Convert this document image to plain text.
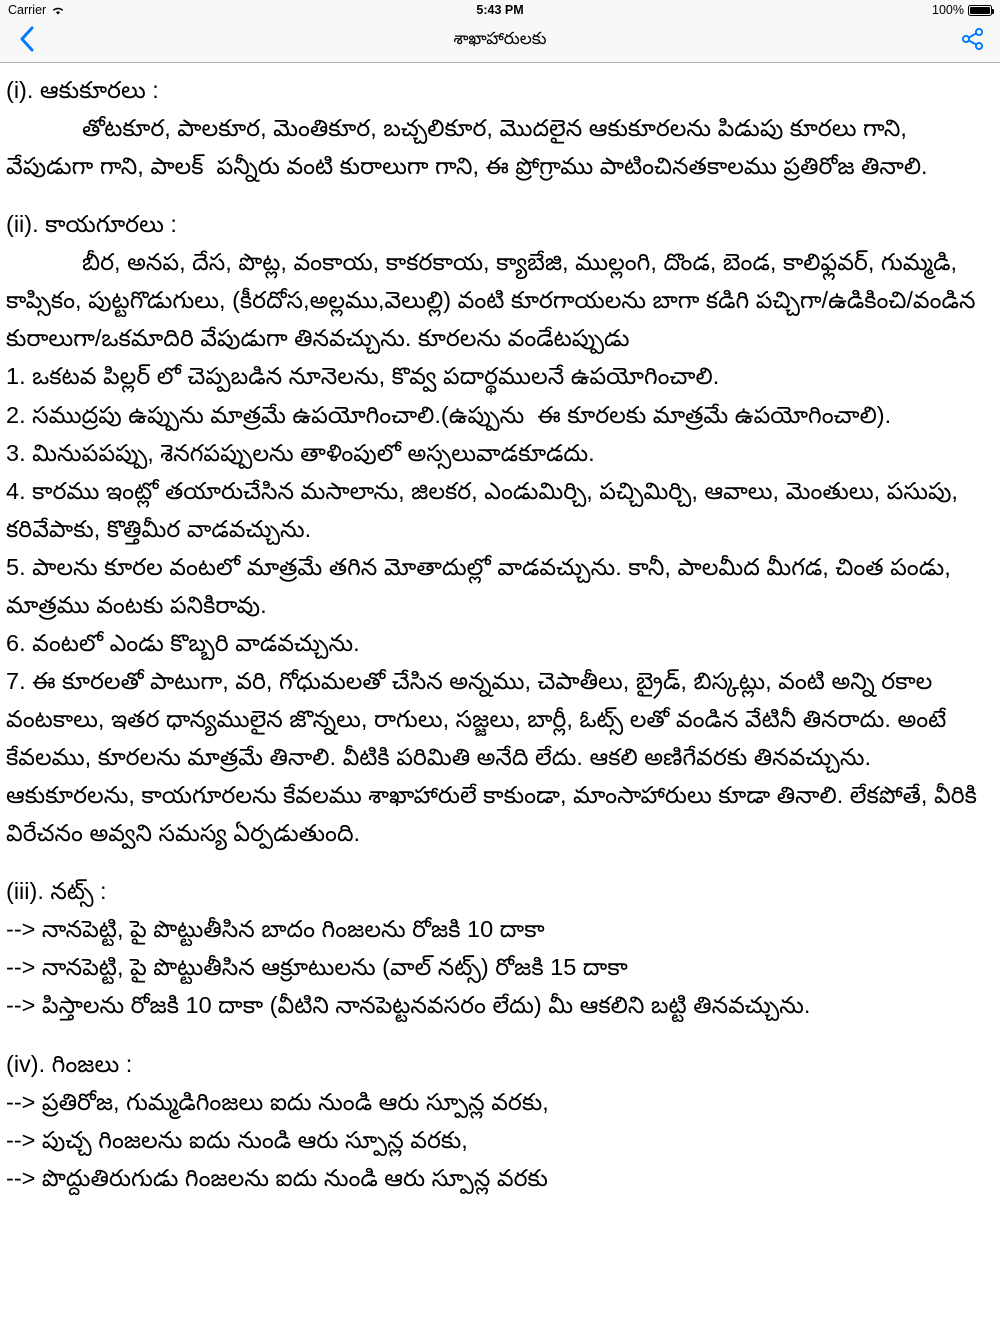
Carrier	5:43 PM	100%
శాఖాహారులకు
(i). ఆకుకూరలు :
తోటకూర, పాలకూర, మెంతికూర, బచ్చలికూర, మొదలైన ఆకుకూరలను పిడుపు కూరలు గాని, వేపుడుగా గాని, పాలక్  పన్నీరు వంటి కురాలుగా గాని, ఈ ప్రోగ్రాము పాటించినతకాలము ప్రతిరోజ తినాలి.
(ii). కాయగూరలు :
బీర, అనప, దేస, పొట్ల, వంకాయ, కాకరకాయ, క్యాబేజి, ముల్లంగి, దొండ, బెండ, కాలిఫ్లవర్, గుమ్మడి, కాప్సికం, పుట్టగొడుగులు, (కీరదోస,అల్లము,వెలుల్లి) వంటి కూరగాయలను బాగా కడిగి పచ్చిగా/ఉడికించి/వండిన కురాలుగా/ఒకమాదిరి వేపుడుగా తినవచ్చును. కూరలను వండేటప్పుడు
1. ఒకటవ పిల్లర్ లో చెప్పబడిన నూనెలను, కొవ్వ పదార్థములనే ఉపయోగించాలి.
2. సముద్రపు ఉప్పును మాత్రమే ఉపయోగించాలి.(ఉప్పును  ఈ కూరలకు మాత్రమే ఉపయోగించాలి).
3. మినుపపప్పు, శెనగపప్పులను తాళింపులో అస్సలువాడకూడదు.
4. కారము ఇంట్లో తయారుచేసిన మసాలాను, జిలకర, ఎండుమిర్చి, పచ్చిమిర్చి, ఆవాలు, మెంతులు, పసుపు, కరివేపాకు, కొత్తిమీర వాడవచ్చును.
5. పాలను కూరల వంటలో మాత్రమే తగిన మోతాదుల్లో వాడవచ్చును. కానీ, పాలమీద మీగడ, చింత పండు, మాత్రము వంటకు పనికిరావు.
6. వంటలో ఎండు కొబ్బరి వాడవచ్చును.
7. ఈ కూరలతో పాటుగా, వరి, గోధుమలతో చేసిన అన్నము, చెపాతీలు, బ్రైడ్, బిస్కట్లు, వంటి అన్ని రకాల వంటకాలు, ఇతర ధాన్యములైన జొన్నలు, రాగులు, సజ్జలు, బార్లీ, ఓట్స్ లతో వండిన వేటినీ తినరాదు. అంటే కేవలము, కూరలను మాత్రమే తినాలి. వీటికి పరిమితి అనేది లేదు. ఆకలి అణిగేవరకు తినవచ్చును. ఆకుకూరలను, కాయగూరలను కేవలము శాఖాహారులే కాకుండా, మాంసాహారులు కూడా తినాలి. లేకపోతే, వీరికి విరేచనం అవ్వని సమస్య ఏర్పడుతుంది.
(iii). నట్స్ :
--> నానపెట్టి, పై పొట్టుతీసిన బాదం గింజలను రోజకి 10 దాకా
--> నానపెట్టి, పై పొట్టుతీసిన ఆక్రూటులను (వాల్ నట్స్) రోజకి 15 దాకా
--> పిస్తాలను రోజకి 10 దాకా (వీటిని నానపెట్టనవసరం లేదు) మీ ఆకలిని బట్టి తినవచ్చును.
(iv). గింజలు :
--> ప్రతిరోజ, గుమ్మడిగింజలు ఐదు నుండి ఆరు స్పూన్ల వరకు,
--> పుచ్చ గింజలను ఐదు నుండి ఆరు స్పూన్ల వరకు,
--> పొద్దుతిరుగుడు గింజలను ఐదు నుండి ఆరు స్పూన్ల వరకు
